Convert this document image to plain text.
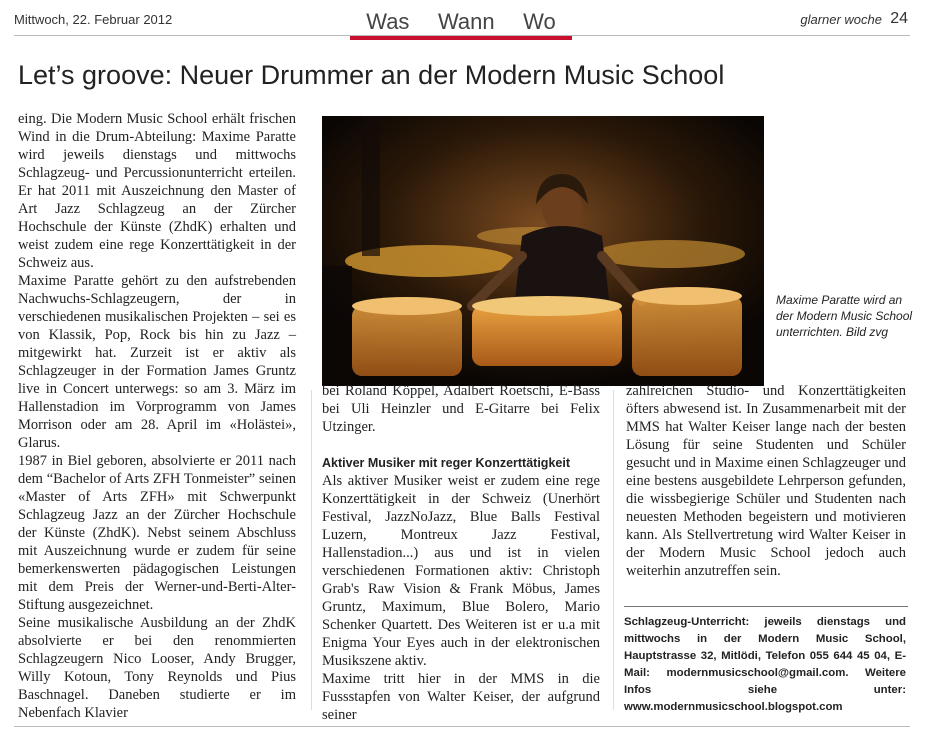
Mittwoch, 22. Februar 2012	Was Wann Wo	glarner woche 24
Let’s groove: Neuer Drummer an der Modern Music School

eing. Die Modern Music School erhält frischen Wind in die Drum-Abteilung: Maxime Paratte wird jeweils dienstags und mittwochs Schlagzeug- und Percussionunterricht erteilen. Er hat 2011 mit Auszeichnung den Master of Art Jazz Schlagzeug an der Zürcher Hochschule der Künste (ZhdK) erhalten und weist zudem eine rege Konzerttätigkeit in der Schweiz aus.

Maxime Paratte gehört zu den aufstrebenden Nachwuchs-Schlagzeugern, der in verschiedenen musikalischen Projekten – sei es von Klassik, Pop, Rock bis hin zu Jazz – mitgewirkt hat. Zurzeit ist er aktiv als Schlagzeuger in der Formation James Gruntz live in Concert unterwegs: so am 3. März im Hallenstadion im Vorprogramm von James Morrison oder am 28. April im «Holästei», Glarus.

1987 in Biel geboren, absolvierte er 2011 nach dem “Bachelor of Arts ZFH Tonmeister” seinen «Master of Arts ZFH» mit Schwerpunkt Schlagzeug Jazz an der Zürcher Hochschule der Künste (ZhdK). Nebst seinem Abschluss mit Auszeichnung wurde er zudem für seine bemerkenswerten pädagogischen Leistungen mit dem Preis der Werner-und-Berti-Alter-Stiftung ausgezeichnet.

Seine musikalische Ausbildung an der ZhdK absolvierte er bei den renommierten Schlagzeugern Nico Looser, Andy Brugger, Willy Kotoun, Tony Reynolds und Pius Baschnagel. Daneben studierte er im Nebenfach Klavier

Maxime Paratte wird an der Modern Music School unterrichten. Bild zvg

bei Roland Köppel, Adalbert Roetschi, E-Bass bei Uli Heinzler und E-Gitarre bei Felix Utzinger.

Aktiver Musiker mit reger Konzerttätigkeit

Als aktiver Musiker weist er zudem eine rege Konzerttätigkeit in der Schweiz (Unerhört Festival, JazzNoJazz, Blue Balls Festival Luzern, Montreux Jazz Festival, Hallenstadion...) aus und ist in vielen verschiedenen Formationen aktiv: Christoph Grab's Raw Vision & Frank Möbus, James Gruntz, Maximum, Blue Bolero, Mario Schenker Quartett. Des Weiteren ist er u.a mit Enigma Your Eyes auch in der elektronischen Musikszene aktiv.

Maxime tritt hier in der MMS in die Fussstapfen von Walter Keiser, der aufgrund seiner

zahlreichen Studio- und Konzerttätigkeiten öfters abwesend ist. In Zusammenarbeit mit der MMS hat Walter Keiser lange nach der besten Lösung für seine Studenten und Schüler gesucht und in Maxime einen Schlagzeuger und eine bestens ausgebildete Lehrperson gefunden, die wissbegierige Schüler und Studenten nach neuesten Methoden begeistern und motivieren kann. Als Stellvertretung wird Walter Keiser in der Modern Music School jedoch auch weiterhin anzutreffen sein.

Schlagzeug-Unterricht: jeweils dienstags und mittwochs in der Modern Music School, Hauptstrasse 32, Mitlödi, Telefon 055 644 45 04, E-Mail: modernmusicschool@gmail.com. Weitere Infos siehe unter: www.modernmusicschool.blogspot.com
